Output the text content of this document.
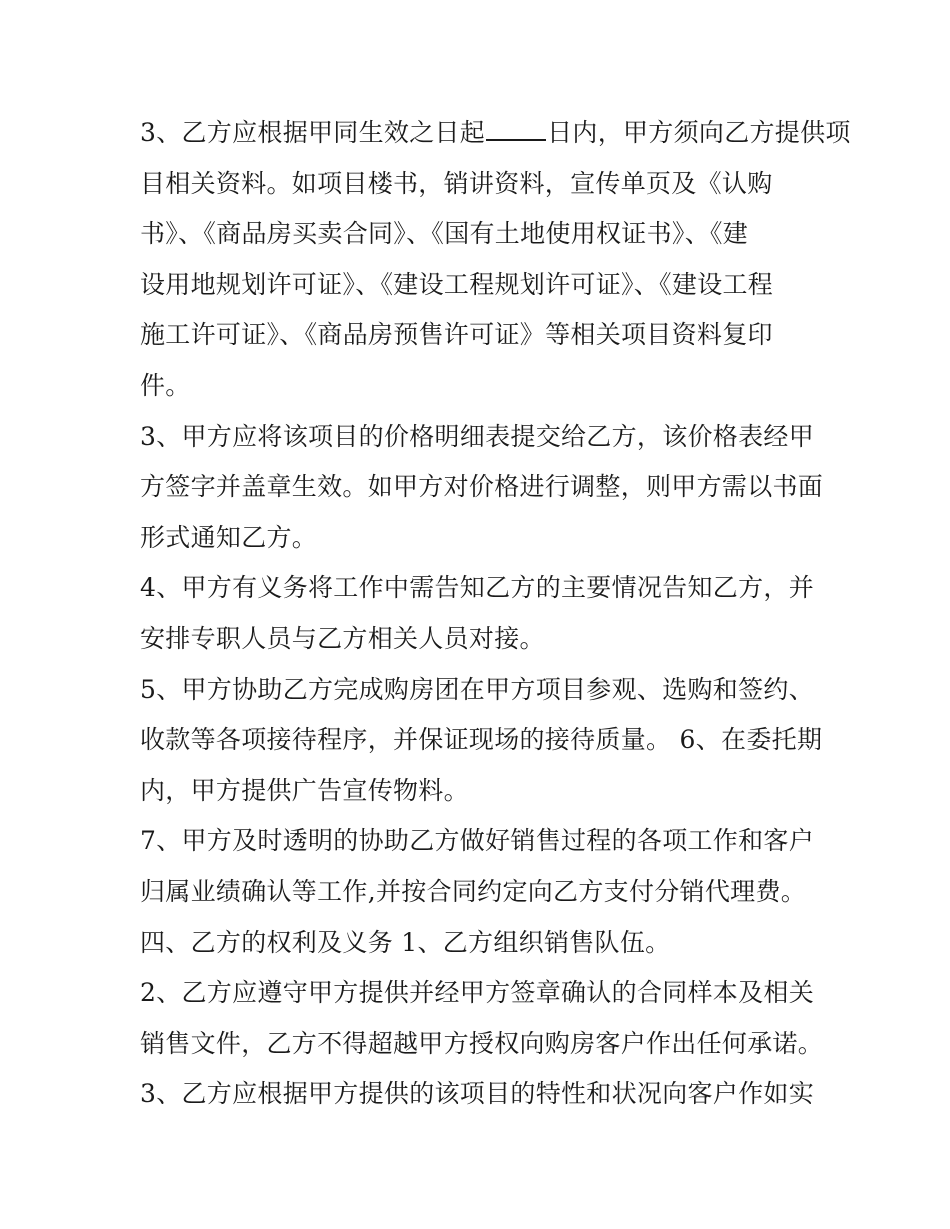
3、乙方应根据甲同生效之日起 日内，甲方须向乙方提供项
目相关资料。如项目楼书，销讲资料，宣传单页及《认购
书》、《商品房买卖合同》、《国有土地使用权证书》、《建
设用地规划许可证》、《建设工程规划许可证》、《建设工程
施工许可证》、《商品房预售许可证》等相关项目资料复印
件。

3、甲方应将该项目的价格明细表提交给乙方，该价格表经甲
方签字并盖章生效。如甲方对价格进行调整，则甲方需以书面
形式通知乙方。

4、甲方有义务将工作中需告知乙方的主要情况告知乙方，并
安排专职人员与乙方相关人员对接。

5、甲方协助乙方完成购房团在甲方项目参观、选购和签约、
收款等各项接待程序，并保证现场的接待质量。 6、在委托期
内，甲方提供广告宣传物料。

7、甲方及时透明的协助乙方做好销售过程的各项工作和客户
归属业绩确认等工作,并按合同约定向乙方支付分销代理费。

四、乙方的权利及义务 1、乙方组织销售队伍。

2、乙方应遵守甲方提供并经甲方签章确认的合同样本及相关
销售文件，乙方不得超越甲方授权向购房客户作出任何承诺。

3、乙方应根据甲方提供的该项目的特性和状况向客户作如实
